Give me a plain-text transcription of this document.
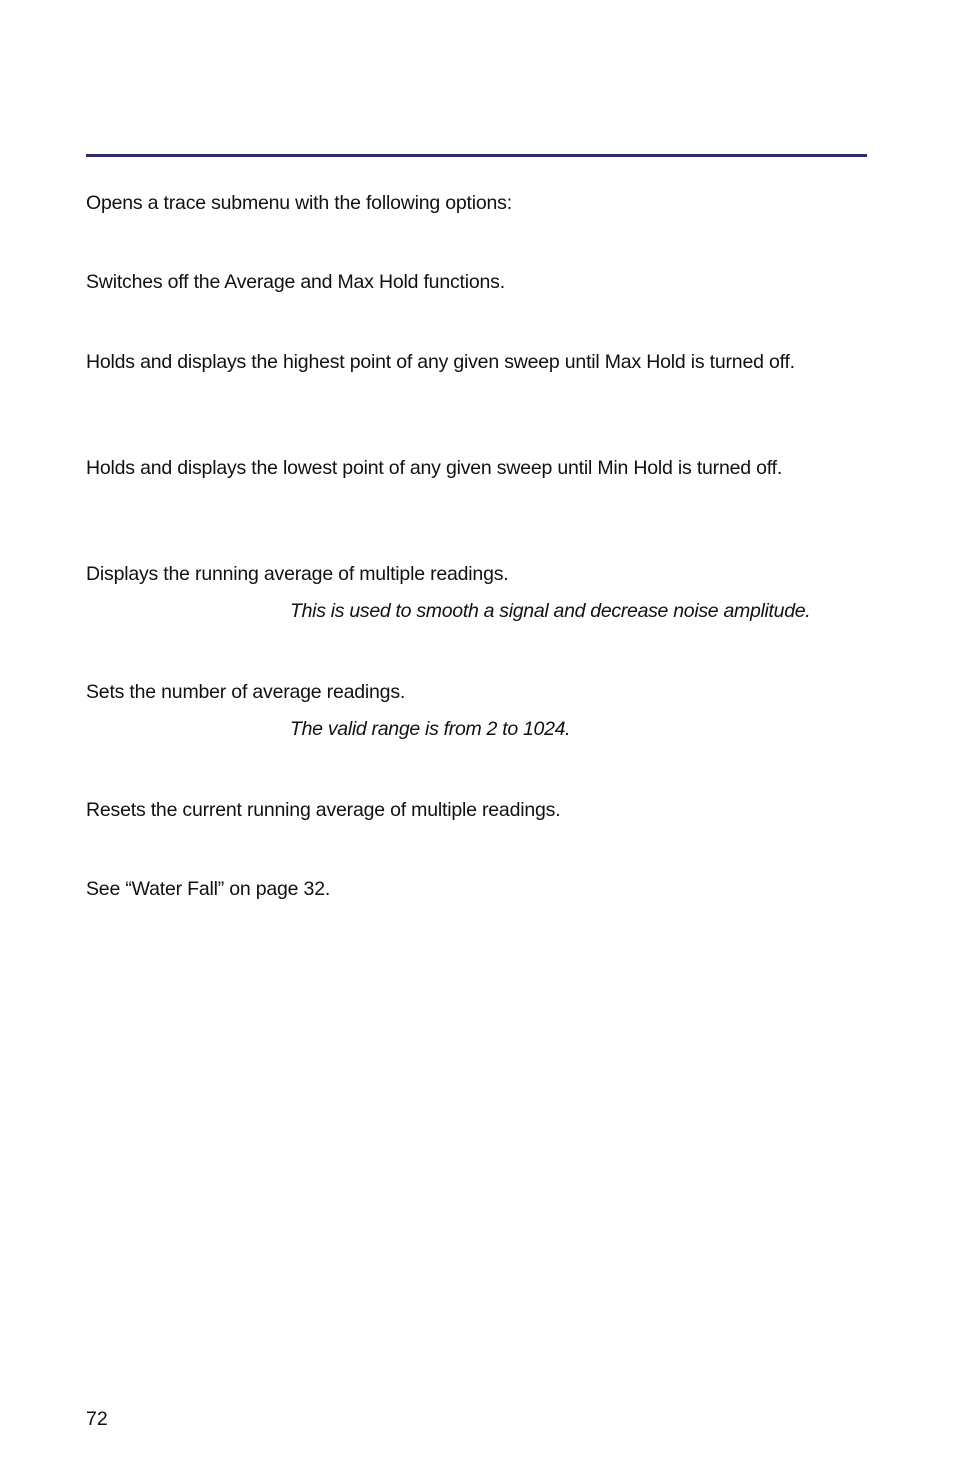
Opens a trace submenu with the following options:

Switches off the Average and Max Hold functions.

Holds and displays the highest point of any given sweep until Max Hold is turned off.

Holds and displays the lowest point of any given sweep until Min Hold is turned off.

Displays the running average of multiple readings.

This is used to smooth a signal and decrease noise amplitude.

Sets the number of average readings.

The valid range is from 2 to 1024.

Resets the current running average of multiple readings.

See “Water Fall” on page 32.

72
